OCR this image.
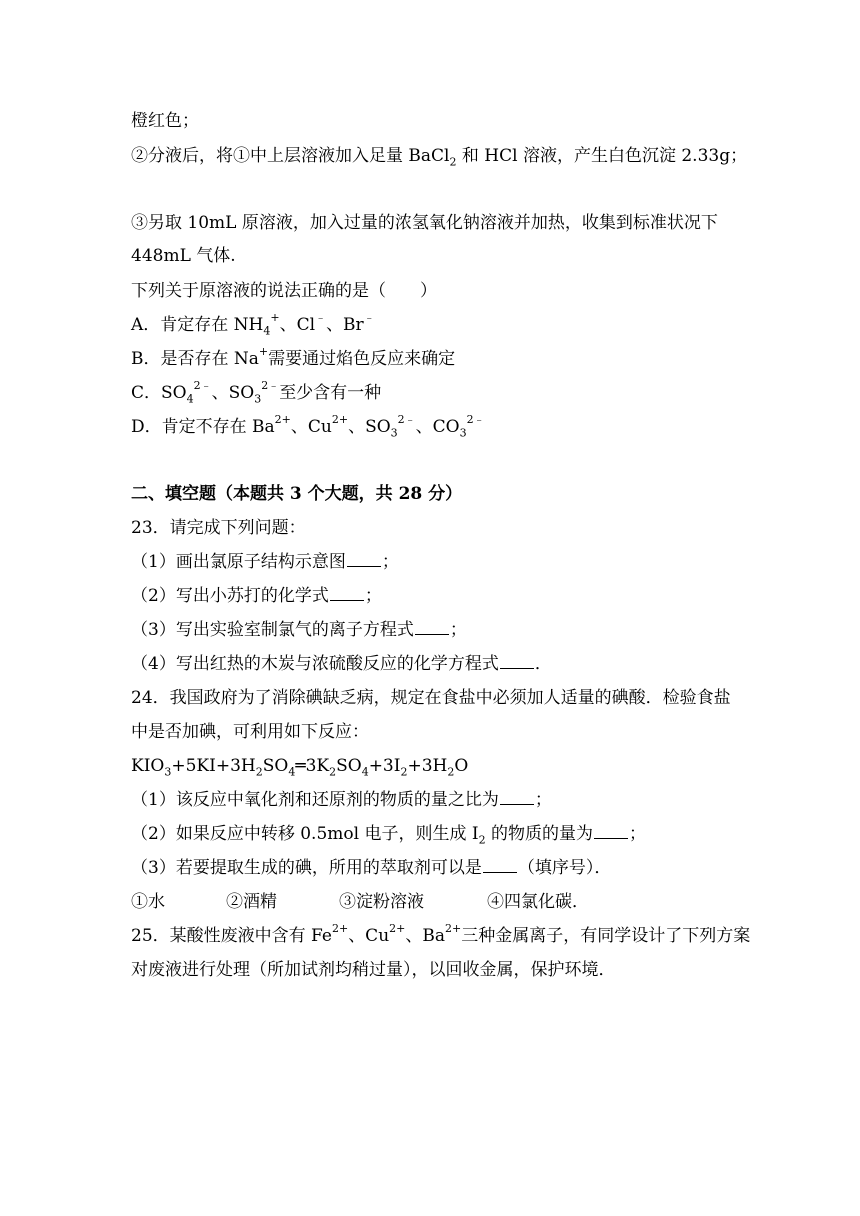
橙红色；
②分液后，将①中上层溶液加入足量 BaCl$_2$ 和 HCl 溶液，产生白色沉淀 2.33g；
③另取 10mL 原溶液，加入过量的浓氢氧化钠溶液并加热，收集到标准状况下
448mL 气体.
下列关于原溶液的说法正确的是（　　）
A．肯定存在 $NH_4^+$、Cl﹣、Br﹣
B．是否存在 Na+需要通过焰色反应来确定
C．$SO_4^{2﹣}$、$SO_3^{2﹣}$至少含有一种
D．肯定不存在 $Ba^{2+}$、$Cu^{2+}$、$SO_3^{2﹣}$、$CO_3^{2﹣}$
二、填空题（本题共 3 个大题，共 28 分）
23．请完成下列问题：
（1）画出氯原子结构示意图 ；
（2）写出小苏打的化学式 ；
（3）写出实验室制氯气的离子方程式 ；
（4）写出红热的木炭与浓硫酸反应的化学方程式 ．
24．我国政府为了消除碘缺乏病，规定在食盐中必须加人适量的碘酸．检验食盐
中是否加碘，可利用如下反应：
$KIO_3+5KI+3H_2SO_4═3K_2SO_4+3I_2+3H_2O$
（1）该反应中氧化剂和还原剂的物质的量之比为 ；
（2）如果反应中转移 0.5mol 电子，则生成 $I_2$ 的物质的量为 ；
（3）若要提取生成的碘，所用的萃取剂可以是 （填序号）．
①水	②酒精	③淀粉溶液	④四氯化碳．
25．某酸性废液中含有 $Fe^{2+}$、$Cu^{2+}$、$Ba^{2+}$三种金属离子，有同学设计了下列方案
对废液进行处理（所加试剂均稍过量），以回收金属，保护环境．
